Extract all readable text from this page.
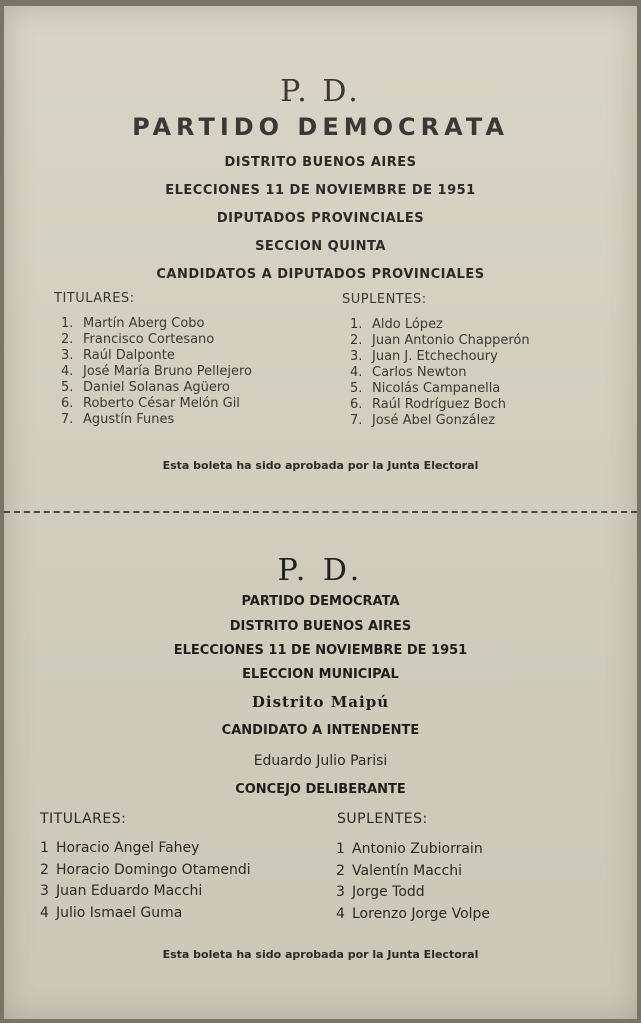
P. D.
PARTIDO DEMOCRATA
DISTRITO BUENOS AIRES
ELECCIONES 11 DE NOVIEMBRE DE 1951
DIPUTADOS PROVINCIALES
SECCION QUINTA
CANDIDATOS A DIPUTADOS PROVINCIALES
TITULARES:	SUPLENTES:
1. Martín Aberg Cobo
2. Francisco Cortesano
3. Raúl Dalponte
4. José María Bruno Pellejero
5. Daniel Solanas Agüero
6. Roberto César Melón Gil
7. Agustín Funes
1. Aldo López
2. Juan Antonio Chapperón
3. Juan J. Etchechoury
4. Carlos Newton
5. Nicolás Campanella
6. Raúl Rodríguez Boch
7. José Abel González
Esta boleta ha sido aprobada por la Junta Electoral
P. D.
PARTIDO DEMOCRATA
DISTRITO BUENOS AIRES
ELECCIONES 11 DE NOVIEMBRE DE 1951
ELECCION MUNICIPAL
Distrito Maipú
CANDIDATO A INTENDENTE
Eduardo Julio Parisi
CONCEJO DELIBERANTE
TITULARES:	SUPLENTES:
1 Horacio Angel Fahey
2 Horacio Domingo Otamendi
3 Juan Eduardo Macchi
4 Julio Ismael Guma
1 Antonio Zubiorrain
2 Valentín Macchi
3 Jorge Todd
4 Lorenzo Jorge Volpe
Esta boleta ha sido aprobada por la Junta Electoral
